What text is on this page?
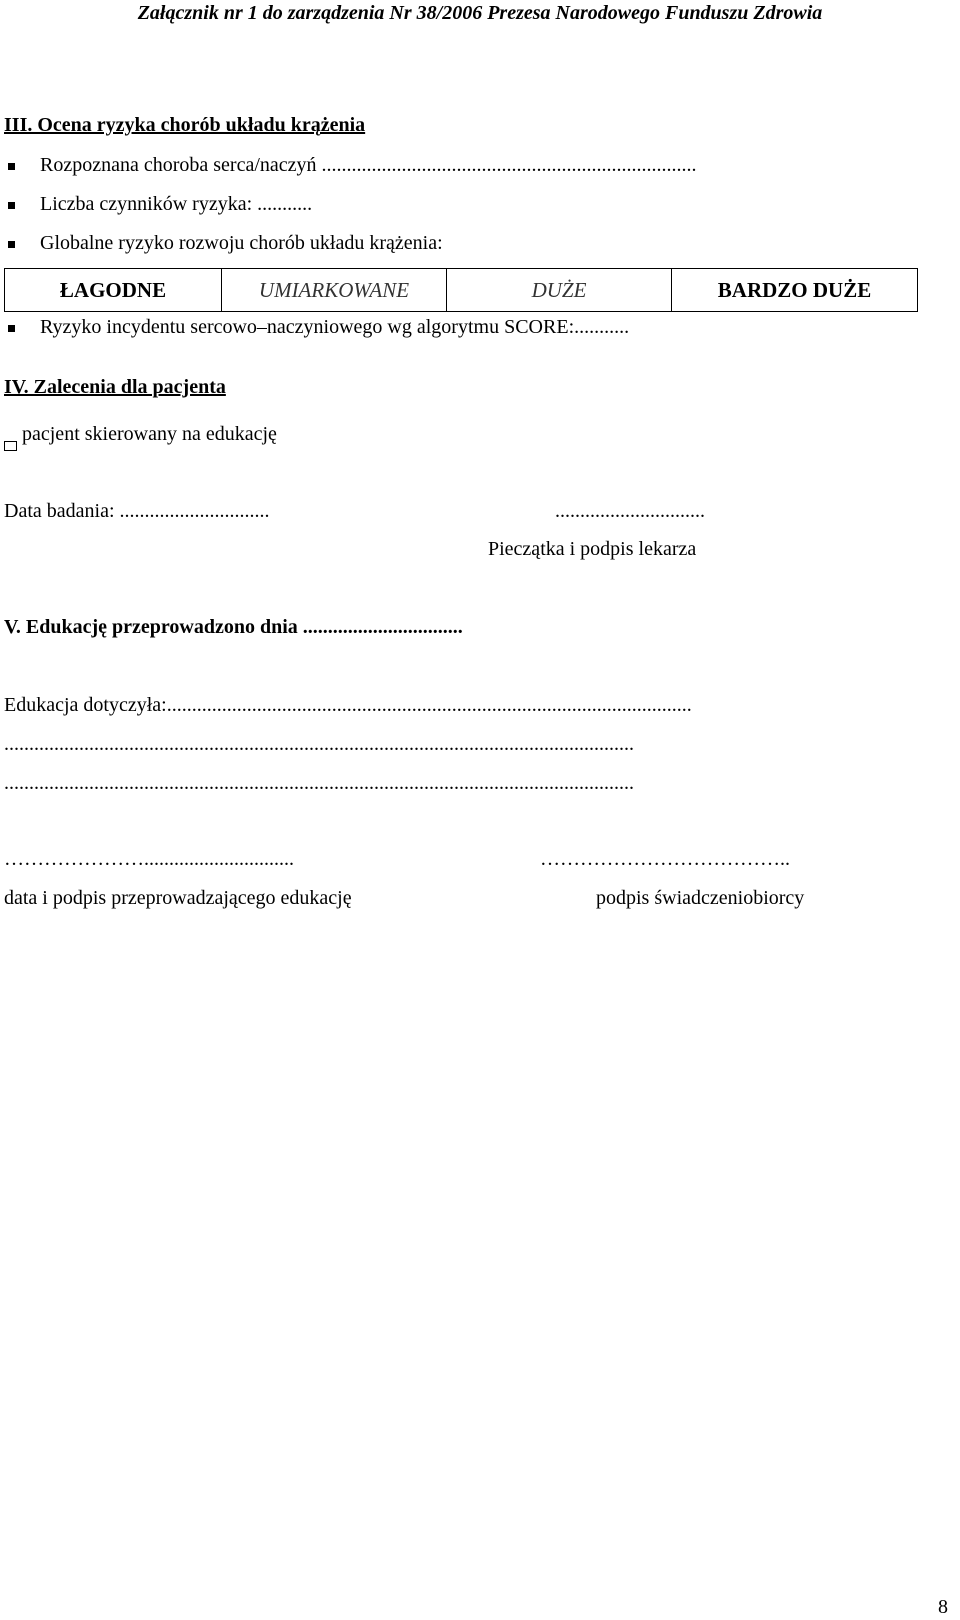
Załącznik nr 1 do zarządzenia Nr 38/2006 Prezesa Narodowego Funduszu Zdrowia
III. Ocena ryzyka chorób układu krążenia
Rozpoznana choroba serca/naczyń ...........................................................................
Liczba czynników ryzyka: ...........
Globalne ryzyko rozwoju chorób układu krążenia:
ŁAGODNE	UMIARKOWANE	DUŻE	BARDZO DUŻE
Ryzyko incydentu sercowo–naczyniowego wg algorytmu SCORE:...........
IV. Zalecenia dla pacjenta
pacjent skierowany na edukację
Data badania: ..............................	..............................
Pieczątka i podpis lekarza
V. Edukację przeprowadzono dnia ................................
Edukacja dotyczyła:.........................................................................................................
..............................................................................................................................
..............................................................................................................................
…………………..............................	………………………………..
data i podpis przeprowadzającego edukację	podpis świadczeniobiorcy
8
